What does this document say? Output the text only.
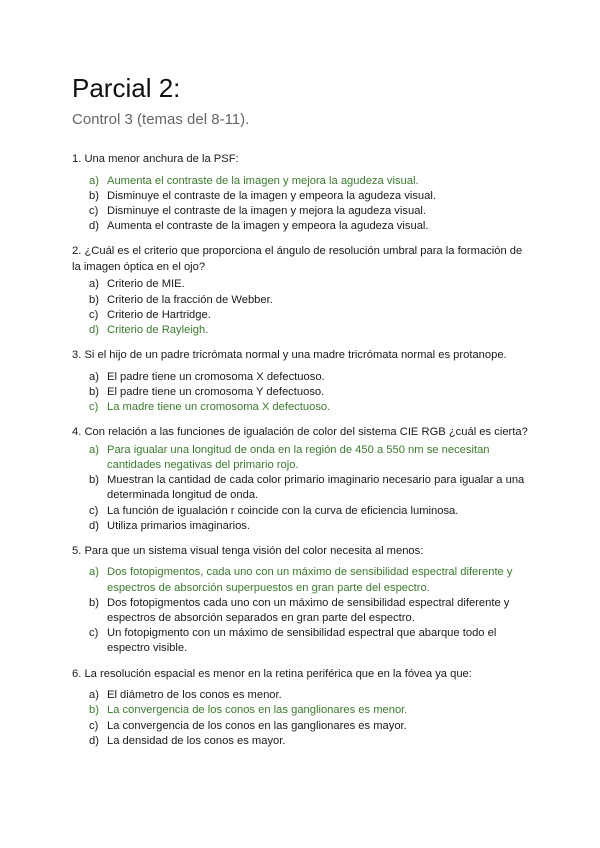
Parcial 2:
Control 3 (temas del 8-11).

1. Una menor anchura de la PSF:

a) Aumenta el contraste de la imagen y mejora la agudeza visual.
b) Disminuye el contraste de la imagen y empeora la agudeza visual.
c) Disminuye el contraste de la imagen y mejora la agudeza visual.
d) Aumenta el contraste de la imagen y empeora la agudeza visual.

2. ¿Cuál es el criterio que proporciona el ángulo de resolución umbral para la formación de la imagen óptica en el ojo?

a) Criterio de MIE.
b) Criterio de la fracción de Webber.
c) Criterio de Hartridge.
d) Criterio de Rayleigh.

3. Si el hijo de un padre tricrómata normal y una madre tricrómata normal es protanope.

a) El padre tiene un cromosoma X defectuoso.
b) El padre tiene un cromosoma Y defectuoso.
c) La madre tiene un cromosoma X defectuoso.

4. Con relación a las funciones de igualación de color del sistema CIE RGB ¿cuál es cierta?

a) Para igualar una longitud de onda en la región de 450 a 550 nm se necesitan cantidades negativas del primario rojo.
b) Muestran la cantidad de cada color primario imaginario necesario para igualar a una determinada longitud de onda.
c) La función de igualación r coincide con la curva de eficiencia luminosa.
d) Utiliza primarios imaginarios.

5. Para que un sistema visual tenga visión del color necesita al menos:

a) Dos fotopigmentos, cada uno con un máximo de sensibilidad espectral diferente y espectros de absorción superpuestos en gran parte del espectro.
b) Dos fotopigmentos cada uno con un máximo de sensibilidad espectral diferente y espectros de absorción separados en gran parte del espectro.
c) Un fotopigmento con un máximo de sensibilidad espectral que abarque todo el espectro visible.

6. La resolución espacial es menor en la retina periférica que en la fóvea ya que:

a) El diámetro de los conos es menor.
b) La convergencia de los conos en las ganglionares es menor.
c) La convergencia de los conos en las ganglionares es mayor.
d) La densidad de los conos es mayor.
